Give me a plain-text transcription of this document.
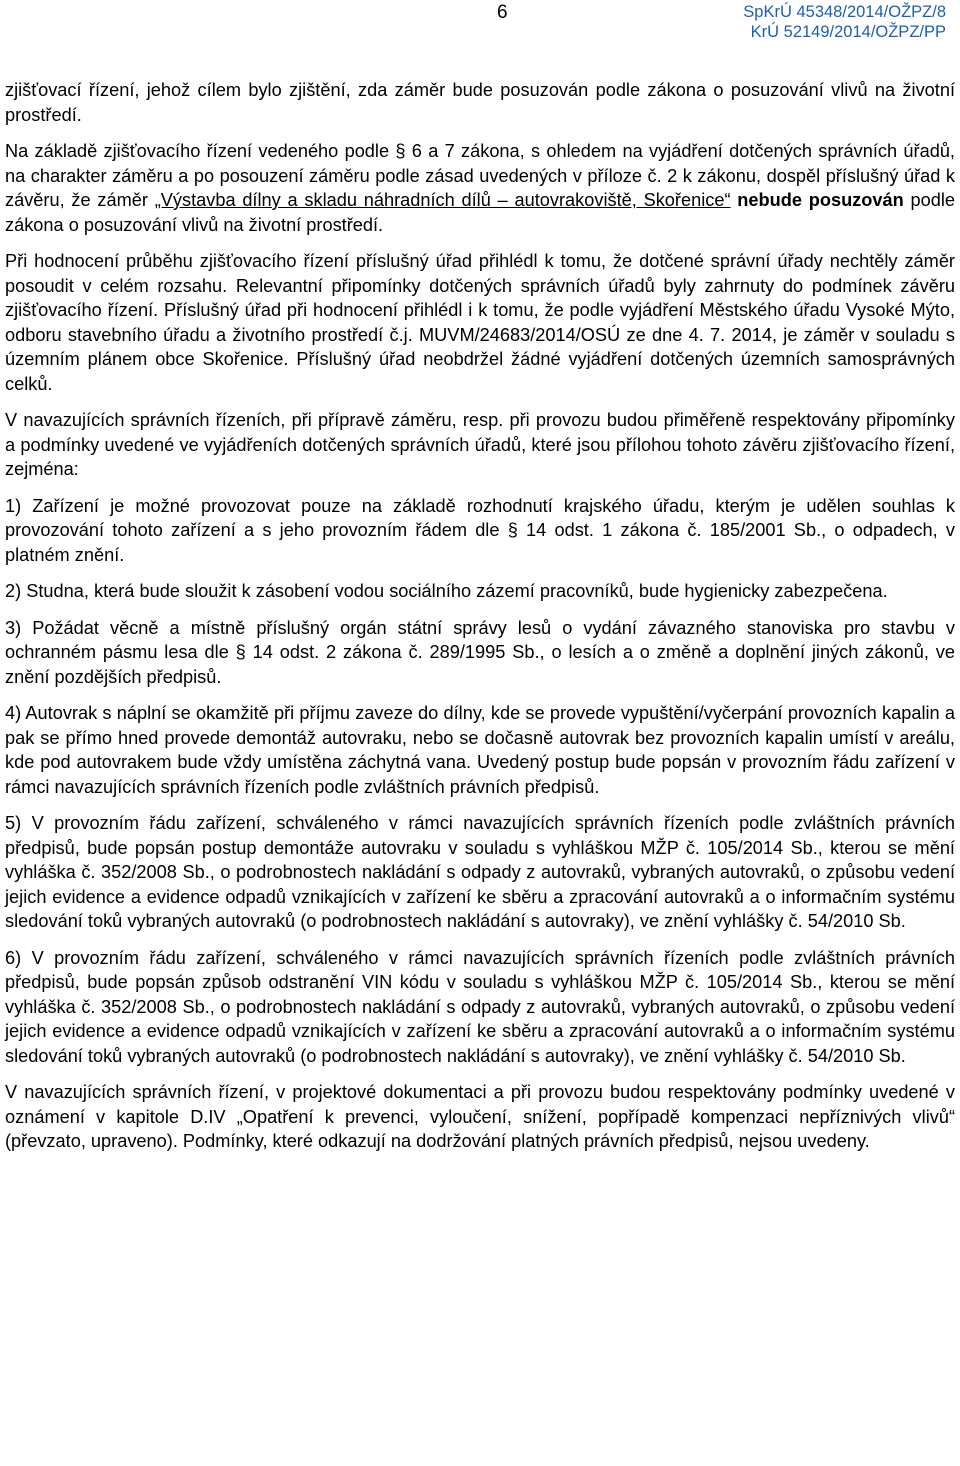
6	SpKrÚ 45348/2014/OŽPZ/8
KrÚ 52149/2014/OŽPZ/PP

zjišťovací řízení, jehož cílem bylo zjištění, zda záměr bude posuzován podle zákona o posuzování vlivů na životní prostředí.

Na základě zjišťovacího řízení vedeného podle § 6 a 7 zákona, s ohledem na vyjádření dotčených správních úřadů, na charakter záměru a po posouzení záměru podle zásad uvedených v příloze č. 2 k zákonu, dospěl příslušný úřad k závěru, že záměr „Výstavba dílny a skladu náhradních dílů – autovrakoviště, Skořenice“ nebude posuzován podle zákona o posuzování vlivů na životní prostředí.

Při hodnocení průběhu zjišťovacího řízení příslušný úřad přihlédl k tomu, že dotčené správní úřady nechtěly záměr posoudit v celém rozsahu. Relevantní připomínky dotčených správních úřadů byly zahrnuty do podmínek závěru zjišťovacího řízení. Příslušný úřad při hodnocení přihlédl i k tomu, že podle vyjádření Městského úřadu Vysoké Mýto, odboru stavebního úřadu a životního prostředí č.j. MUVM/24683/2014/OSÚ ze dne 4. 7. 2014, je záměr v souladu s územním plánem obce Skořenice. Příslušný úřad neobdržel žádné vyjádření dotčených územních samosprávných celků.

V navazujících správních řízeních, při přípravě záměru, resp. při provozu budou přiměřeně respektovány připomínky a podmínky uvedené ve vyjádřeních dotčených správních úřadů, které jsou přílohou tohoto závěru zjišťovacího řízení, zejména:

1) Zařízení je možné provozovat pouze na základě rozhodnutí krajského úřadu, kterým je udělen souhlas k provozování tohoto zařízení a s jeho provozním řádem dle § 14 odst. 1 zákona č. 185/2001 Sb., o odpadech, v platném znění.

2) Studna, která bude sloužit k zásobení vodou sociálního zázemí pracovníků, bude hygienicky zabezpečena.

3) Požádat věcně a místně příslušný orgán státní správy lesů o vydání závazného stanoviska pro stavbu v ochranném pásmu lesa dle § 14 odst. 2 zákona č. 289/1995 Sb., o lesích a o změně a doplnění jiných zákonů, ve znění pozdějších předpisů.

4) Autovrak s náplní se okamžitě při příjmu zaveze do dílny, kde se provede vypuštění/vyčerpání provozních kapalin a pak se přímo hned provede demontáž autovraku, nebo se dočasně autovrak bez provozních kapalin umístí v areálu, kde pod autovrakem bude vždy umístěna záchytná vana. Uvedený postup bude popsán v provozním řádu zařízení v rámci navazujících správních řízeních podle zvláštních právních předpisů.

5) V provozním řádu zařízení, schváleného v rámci navazujících správních řízeních podle zvláštních právních předpisů, bude popsán postup demontáže autovraku v souladu s vyhláškou MŽP č. 105/2014 Sb., kterou se mění vyhláška č. 352/2008 Sb., o podrobnostech nakládání s odpady z autovraků, vybraných autovraků, o způsobu vedení jejich evidence a evidence odpadů vznikajících v zařízení ke sběru a zpracování autovraků a o informačním systému sledování toků vybraných autovraků (o podrobnostech nakládání s autovraky), ve znění vyhlášky č. 54/2010 Sb.

6) V provozním řádu zařízení, schváleného v rámci navazujících správních řízeních podle zvláštních právních předpisů, bude popsán způsob odstranění VIN kódu v souladu s vyhláškou MŽP č. 105/2014 Sb., kterou se mění vyhláška č. 352/2008 Sb., o podrobnostech nakládání s odpady z autovraků, vybraných autovraků, o způsobu vedení jejich evidence a evidence odpadů vznikajících v zařízení ke sběru a zpracování autovraků a o informačním systému sledování toků vybraných autovraků (o podrobnostech nakládání s autovraky), ve znění vyhlášky č. 54/2010 Sb.

V navazujících správních řízení, v projektové dokumentaci a při provozu budou respektovány podmínky uvedené v oznámení v kapitole D.IV „Opatření k prevenci, vyloučení, snížení, popřípadě kompenzaci nepříznivých vlivů“ (převzato, upraveno). Podmínky, které odkazují na dodržování platných právních předpisů, nejsou uvedeny.
